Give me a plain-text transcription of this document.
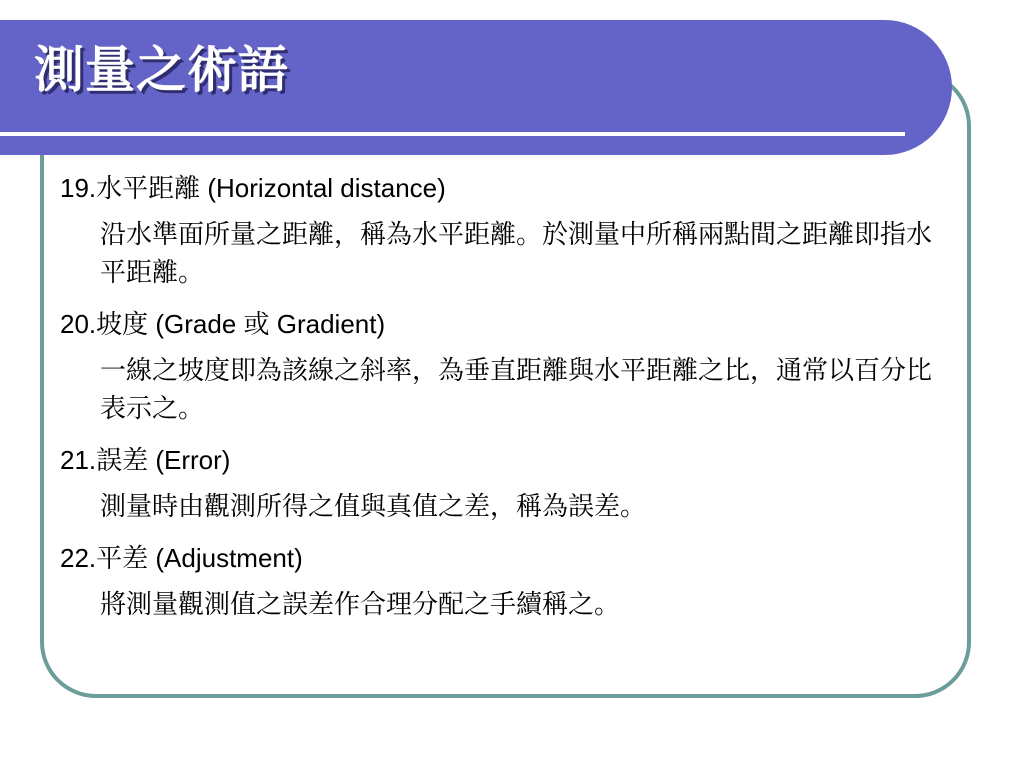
測量之術語

19.水平距離 (Horizontal distance)

沿水準面所量之距離，稱為水平距離。於測量中所稱兩點間之距離即指水平距離。

20.坡度 (Grade 或 Gradient)

一線之坡度即為該線之斜率，為垂直距離與水平距離之比，通常以百分比表示之。

21.誤差 (Error)

測量時由觀測所得之值與真值之差，稱為誤差。

22.平差 (Adjustment)

將測量觀測值之誤差作合理分配之手續稱之。
